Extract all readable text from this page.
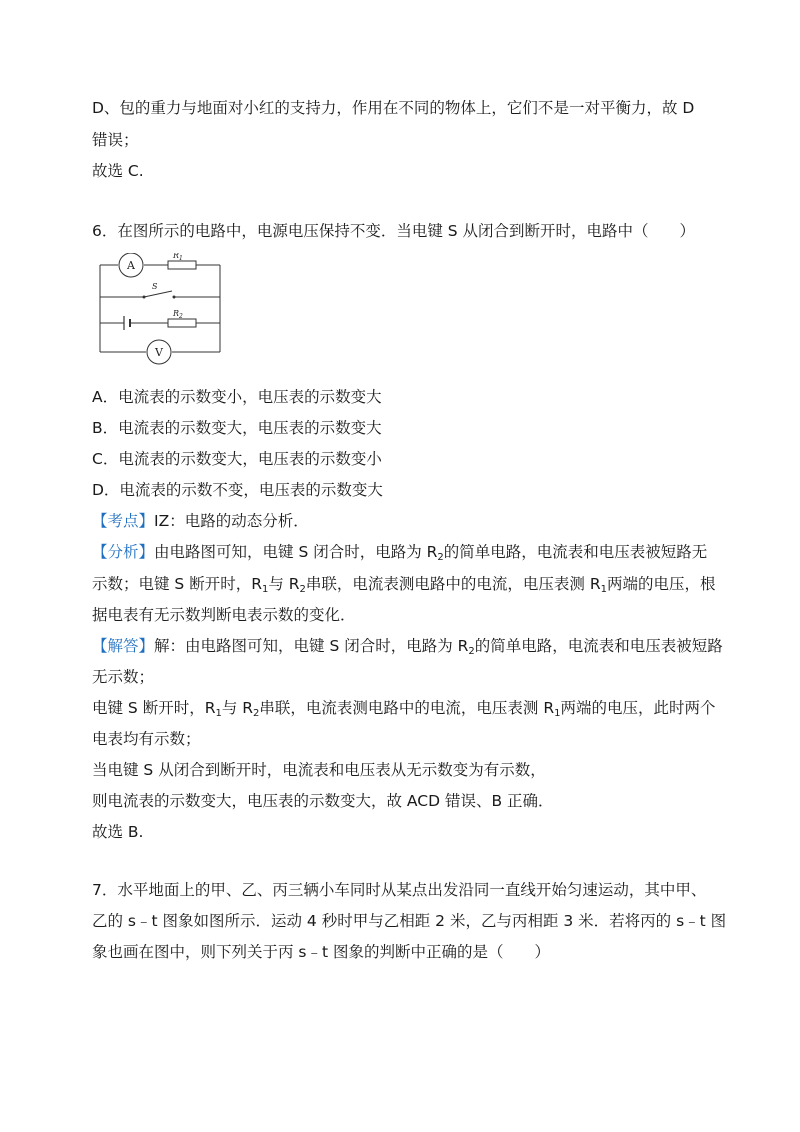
D、包的重力与地面对小红的支持力，作用在不同的物体上，它们不是一对平衡力，故 D
错误；
故选 C.
6．在图所示的电路中，电源电压保持不变．当电键 S 从闭合到断开时，电路中（　　）
A
$R_1$
S
$R_2$
V
A．电流表的示数变小，电压表的示数变大
B．电流表的示数变大，电压表的示数变大
C．电流表的示数变大，电压表的示数变小
D．电流表的示数不变，电压表的示数变大
【考点】IZ：电路的动态分析．
【分析】由电路图可知，电键 S 闭合时，电路为 $R_2$的简单电路，电流表和电压表被短路无
示数；电键 S 断开时，$R_1$与 $R_2$串联，电流表测电路中的电流，电压表测 $R_1$两端的电压，根
据电表有无示数判断电表示数的变化．
【解答】解：由电路图可知，电键 S 闭合时，电路为 $R_2$的简单电路，电流表和电压表被短路
无示数；
电键 S 断开时，$R_1$与 $R_2$串联，电流表测电路中的电流，电压表测 $R_1$两端的电压，此时两个
电表均有示数；
当电键 S 从闭合到断开时，电流表和电压表从无示数变为有示数，
则电流表的示数变大，电压表的示数变大，故 ACD 错误、B 正确．
故选 B.
7．水平地面上的甲、乙、丙三辆小车同时从某点出发沿同一直线开始匀速运动，其中甲、
乙的 s﹣t 图象如图所示．运动 4 秒时甲与乙相距 2 米，乙与丙相距 3 米．若将丙的 s﹣t 图
象也画在图中，则下列关于丙 s﹣t 图象的判断中正确的是（　　）
